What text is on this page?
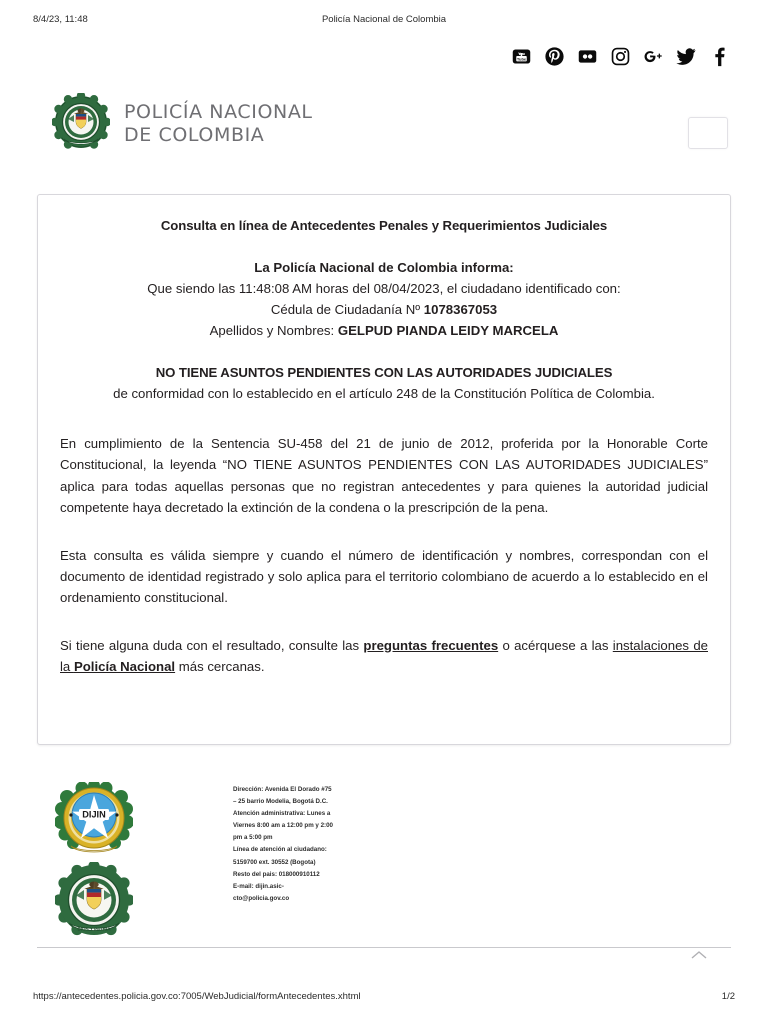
8/4/23, 11:48	Policía Nacional de Colombia
You
Tube
POLICÍA NACIONAL
DE COLOMBIA
Consulta en línea de Antecedentes Penales y Requerimientos Judiciales
La Policía Nacional de Colombia informa:
Que siendo las 11:48:08 AM horas del 08/04/2023, el ciudadano identificado con:
Cédula de Ciudadanía Nº 1078367053
Apellidos y Nombres: GELPUD PIANDA LEIDY MARCELA
NO TIENE ASUNTOS PENDIENTES CON LAS AUTORIDADES JUDICIALES
de conformidad con lo establecido en el artículo 248 de la Constitución Política de Colombia.

En cumplimiento de la Sentencia SU-458 del 21 de junio de 2012, proferida por la Honorable Corte Constitucional, la leyenda “NO TIENE ASUNTOS PENDIENTES CON LAS AUTORIDADES JUDICIALES” aplica para todas aquellas personas que no registran antecedentes y para quienes la autoridad judicial competente haya decretado la extinción de la condena o la prescripción de la pena.

Esta consulta es válida siempre y cuando el número de identificación y nombres, correspondan con el documento de identidad registrado y solo aplica para el territorio colombiano de acuerdo a lo establecido en el ordenamiento constitucional.

Si tiene alguna duda con el resultado, consulte las preguntas frecuentes o acérquese a las instalaciones de la Policía Nacional más cercanas.

DIJIN
DIOS Y PATRIA
Dirección: Avenida El Dorado #75
– 25 barrio Modelia, Bogotá D.C.
Atención administrativa: Lunes a
Viernes 8:00 am a 12:00 pm y 2:00
pm a 5:00 pm
Línea de atención al ciudadano:
5159700 ext. 30552 (Bogota)
Resto del pais: 018000910112
E-mail: dijin.asic-
cto@policia.gov.co
https://antecedentes.policia.gov.co:7005/WebJudicial/formAntecedentes.xhtml	1/2
